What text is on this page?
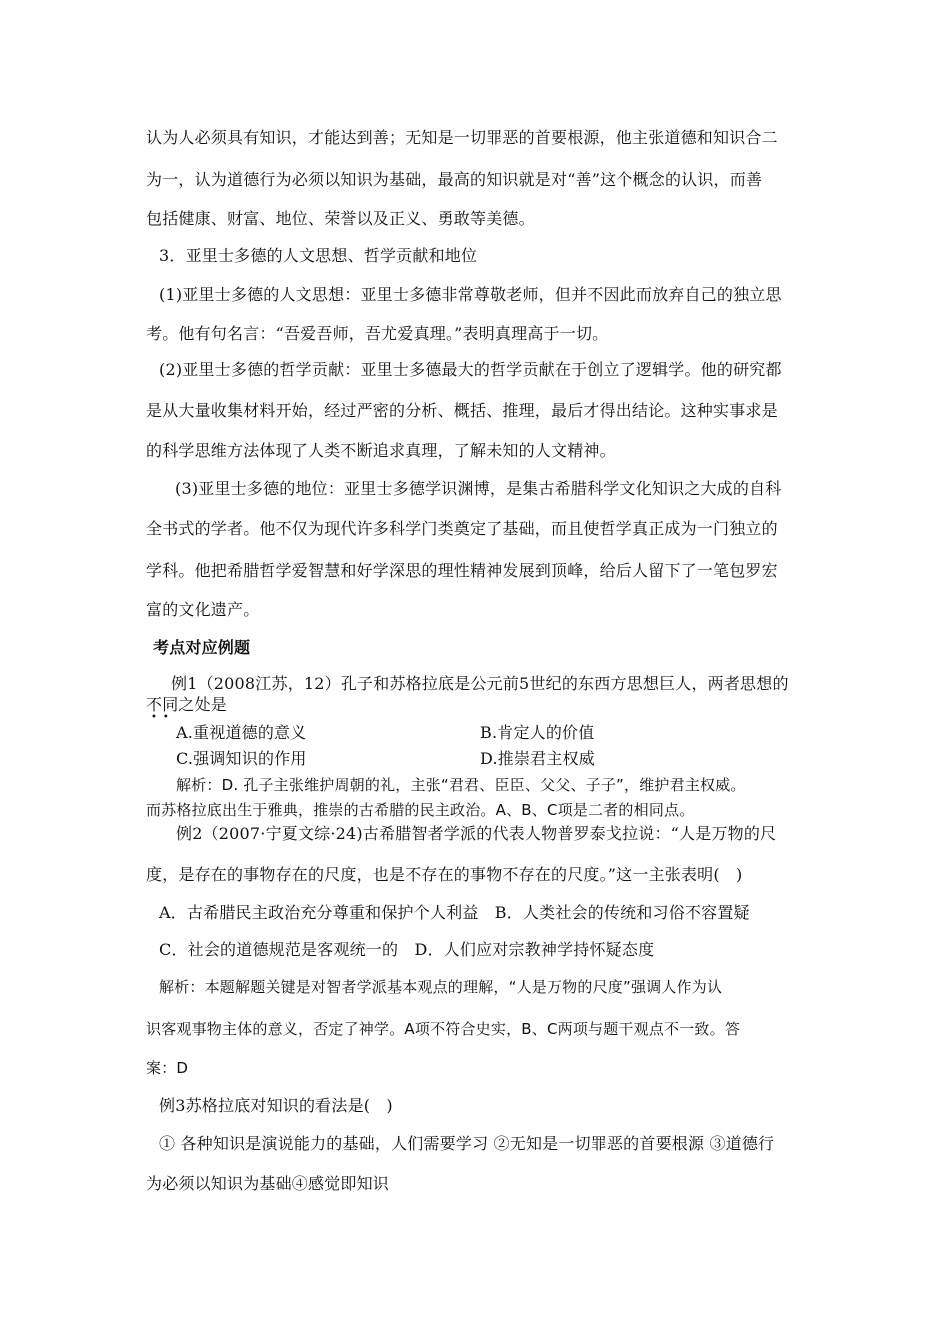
认为人必须具有知识，才能达到善；无知是一切罪恶的首要根源，他主张道德和知识合二
为一，认为道德行为必须以知识为基础，最高的知识就是对“善”这个概念的认识，而善
包括健康、财富、地位、荣誉以及正义、勇敢等美德。
3．亚里士多德的人文思想、哲学贡献和地位
(1)亚里士多德的人文思想：亚里士多德非常尊敬老师，但并不因此而放弃自己的独立思
考。他有句名言：“吾爱吾师，吾尤爱真理。”表明真理高于一切。
(2)亚里士多德的哲学贡献：亚里士多德最大的哲学贡献在于创立了逻辑学。他的研究都
是从大量收集材料开始，经过严密的分析、概括、推理，最后才得出结论。这种实事求是
的科学思维方法体现了人类不断追求真理，了解未知的人文精神。
(3)亚里士多德的地位：亚里士多德学识渊博，是集古希腊科学文化知识之大成的自科
全书式的学者。他不仅为现代许多科学门类奠定了基础，而且使哲学真正成为一门独立的
学科。他把希腊哲学爱智慧和好学深思的理性精神发展到顶峰，给后人留下了一笔包罗宏
富的文化遗产。
考点对应例题
例1（2008江苏，12）孔子和苏格拉底是公元前5世纪的东西方思想巨人，两者思想的
不同之处是
••
A.重视道德的意义	B.肯定人的价值
C.强调知识的作用	D.推崇君主权威
解析：D. 孔子主张维护周朝的礼，主张“君君、臣臣、父父、子子”，维护君主权威。
而苏格拉底出生于雅典，推崇的古希腊的民主政治。A、B、C项是二者的相同点。
例2（2007·宁夏文综·24)古希腊智者学派的代表人物普罗泰戈拉说：“人是万物的尺
度，是存在的事物存在的尺度，也是不存在的事物不存在的尺度。”这一主张表明(　)
A．古希腊民主政治充分尊重和保护个人利益　B．人类社会的传统和习俗不容置疑
C．社会的道德规范是客观统一的　D．人们应对宗教神学持怀疑态度
解析：本题解题关键是对智者学派基本观点的理解，“人是万物的尺度”强调人作为认
识客观事物主体的意义，否定了神学。A项不符合史实，B、C两项与题干观点不一致。答
案：D
例3苏格拉底对知识的看法是(　)
① 各种知识是演说能力的基础，人们需要学习 ②无知是一切罪恶的首要根源 ③道德行
为必须以知识为基础④感觉即知识
